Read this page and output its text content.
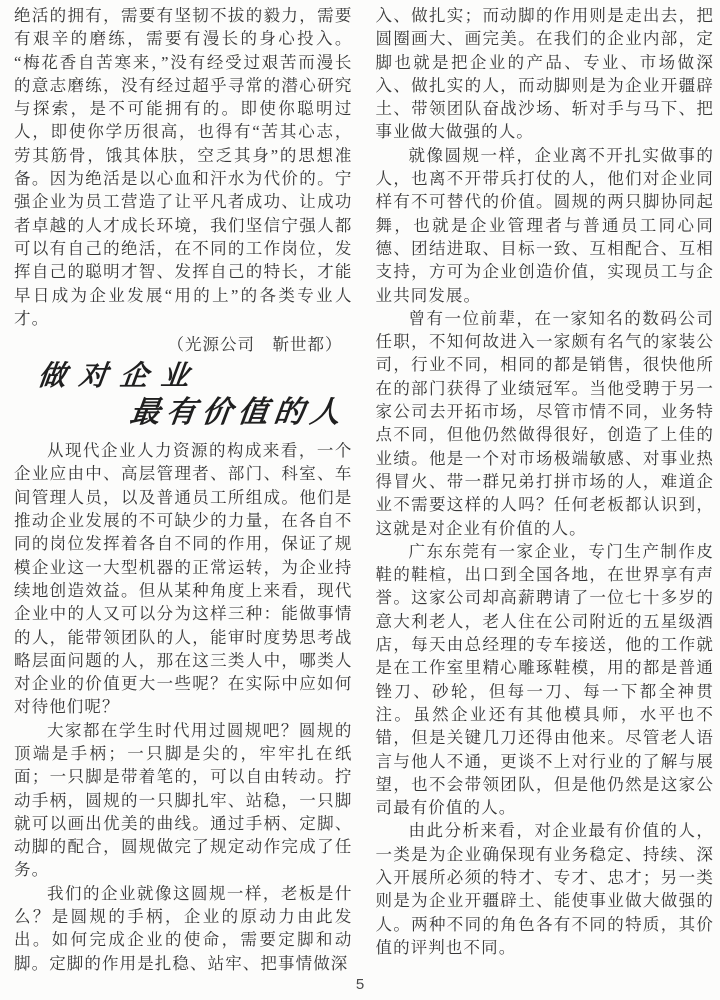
绝活的拥有，需要有坚韧不拔的毅力，需要有艰辛的磨练，需要有漫长的身心投入。“梅花香自苦寒来，”没有经受过艰苦而漫长的意志磨练，没有经过超乎寻常的潜心研究与探索，是不可能拥有的。即使你聪明过人，即使你学历很高，也得有“苦其心志，劳其筋骨，饿其体肤，空乏其身”的思想准备。因为绝活是以心血和汗水为代价的。宁强企业为员工营造了让平凡者成功、让成功者卓越的人才成长环境，我们坚信宁强人都可以有自己的绝活，在不同的工作岗位，发挥自己的聪明才智、发挥自己的特长，才能早日成为企业发展“用的上”的各类专业人才。

（光源公司　靳世都）

做对企业
最有价值的人

从现代企业人力资源的构成来看，一个企业应由中、高层管理者、部门、科室、车间管理人员，以及普通员工所组成。他们是推动企业发展的不可缺少的力量，在各自不同的岗位发挥着各自不同的作用，保证了规模企业这一大型机器的正常运转，为企业持续地创造效益。但从某种角度上来看，现代企业中的人又可以分为这样三种：能做事情的人，能带领团队的人，能审时度势思考战略层面问题的人，那在这三类人中，哪类人对企业的价值更大一些呢？在实际中应如何对待他们呢？

大家都在学生时代用过圆规吧？圆规的顶端是手柄；一只脚是尖的，牢牢扎在纸面；一只脚是带着笔的，可以自由转动。拧动手柄，圆规的一只脚扎牢、站稳，一只脚就可以画出优美的曲线。通过手柄、定脚、动脚的配合，圆规做完了规定动作完成了任务。

我们的企业就像这圆规一样，老板是什么？是圆规的手柄，企业的原动力由此发出。如何完成企业的使命，需要定脚和动脚。定脚的作用是扎稳、站牢、把事情做深

入、做扎实；而动脚的作用则是走出去，把圆圈画大、画完美。在我们的企业内部，定脚也就是把企业的产品、专业、市场做深入、做扎实的人，而动脚则是为企业开疆辟土、带领团队奋战沙场、斩对手与马下、把事业做大做强的人。

就像圆规一样，企业离不开扎实做事的人，也离不开带兵打仗的人，他们对企业同样有不可替代的价值。圆规的两只脚协同起舞，也就是企业管理者与普通员工同心同德、团结进取、目标一致、互相配合、互相支持，方可为企业创造价值，实现员工与企业共同发展。

曾有一位前辈，在一家知名的数码公司任职，不知何故进入一家颇有名气的家装公司，行业不同，相同的都是销售，很快他所在的部门获得了业绩冠军。当他受聘于另一家公司去开拓市场，尽管市情不同，业务特点不同，但他仍然做得很好，创造了上佳的业绩。他是一个对市场极端敏感、对事业热得冒火、带一群兄弟打拼市场的人，难道企业不需要这样的人吗？任何老板都认识到，这就是对企业有价值的人。

广东东莞有一家企业，专门生产制作皮鞋的鞋楦，出口到全国各地，在世界享有声誉。这家公司却高薪聘请了一位七十多岁的意大利老人，老人住在公司附近的五星级酒店，每天由总经理的专车接送，他的工作就是在工作室里精心雕琢鞋模，用的都是普通锉刀、砂轮，但每一刀、每一下都全神贯注。虽然企业还有其他模具师，水平也不错，但是关键几刀还得由他来。尽管老人语言与他人不通，更谈不上对行业的了解与展望，也不会带领团队，但是他仍然是这家公司最有价值的人。

由此分析来看，对企业最有价值的人，一类是为企业确保现有业务稳定、持续、深入开展所必须的特才、专才、忠才；另一类则是为企业开疆辟土、能使事业做大做强的人。两种不同的角色各有不同的特质，其价值的评判也不同。

5
